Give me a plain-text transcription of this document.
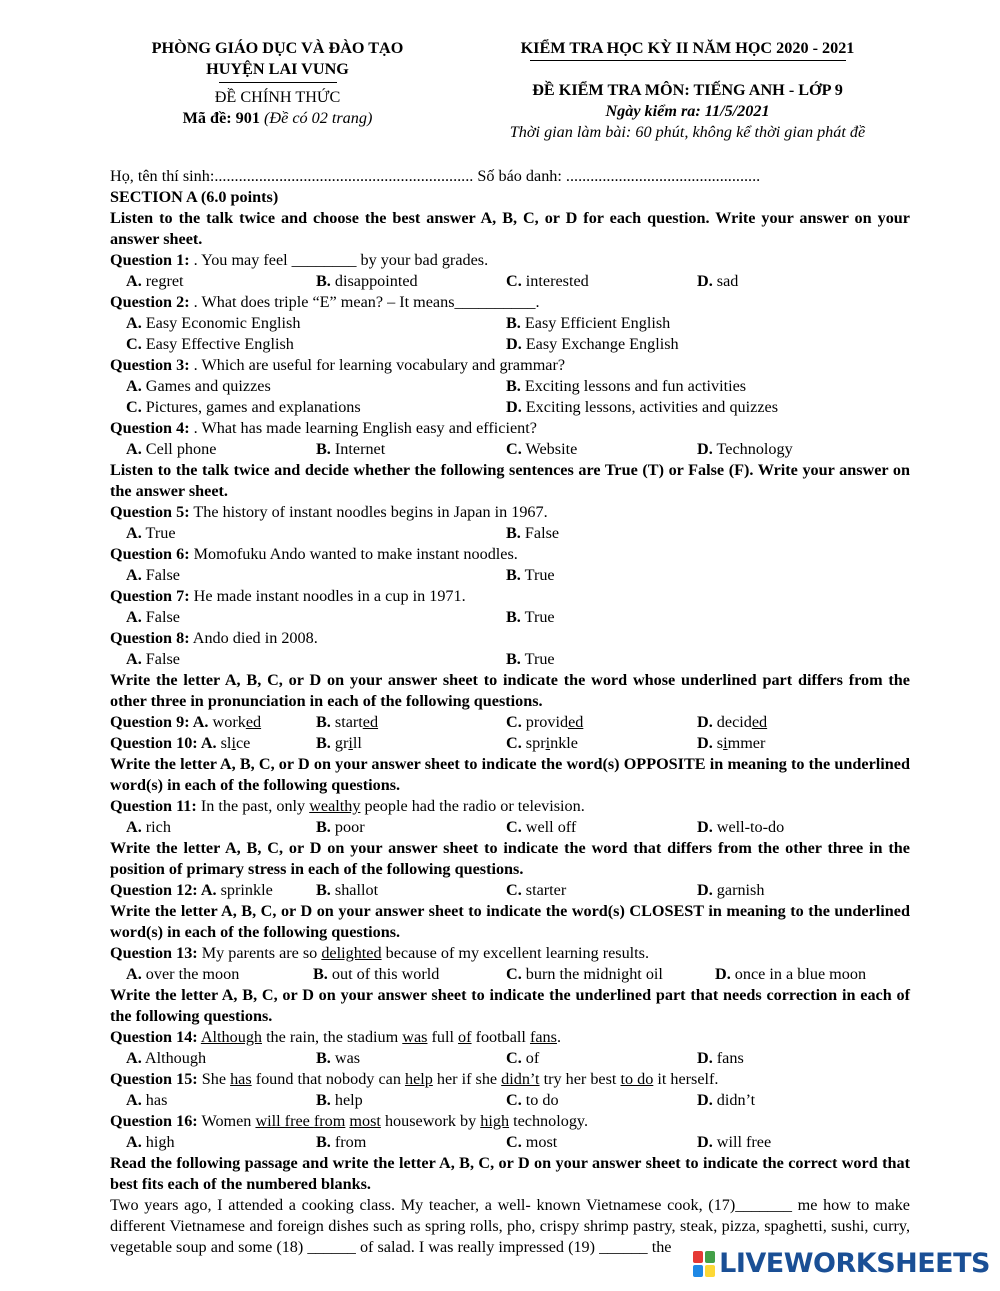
PHÒNG GIÁO DỤC VÀ ĐÀO TẠO
HUYỆN LAI VUNG
ĐỀ CHÍNH THỨC
Mã đề: 901 (Đề có 02 trang)
KIỂM TRA HỌC KỲ II NĂM HỌC 2020 - 2021
ĐỀ KIỂM TRA MÔN: TIẾNG ANH - LỚP 9
Ngày kiểm ra: 11/5/2021
Thời gian làm bài: 60 phút, không kể thời gian phát đề
Họ, tên thí sinh:................................................................ Số báo danh: ................................................
SECTION A (6.0 points)
Listen to the talk twice and choose the best answer A, B, C, or D for each question. Write your answer on your answer sheet.
Question 1: . You may feel ________ by your bad grades.
A. regret	B. disappointed	C. interested	D. sad
Question 2: . What does triple “E” mean? – It means__________.
A. Easy Economic English	B. Easy Efficient English
C. Easy Effective English	D. Easy Exchange English
Question 3: . Which are useful for learning vocabulary and grammar?
A. Games and quizzes	B. Exciting lessons and fun activities
C. Pictures, games and explanations	D. Exciting lessons, activities and quizzes
Question 4: . What has made learning English easy and efficient?
A. Cell phone	B. Internet	C. Website	D. Technology
Listen to the talk twice and decide whether the following sentences are True (T) or False (F). Write your answer on the answer sheet.
Question 5: The history of instant noodles begins in Japan in 1967.
A. True	B. False
Question 6: Momofuku Ando wanted to make instant noodles.
A. False	B. True
Question 7: He made instant noodles in a cup in 1971.
A. False	B. True
Question 8: Ando died in 2008.
A. False	B. True
Write the letter A, B, C, or D on your answer sheet to indicate the word whose underlined part differs from the other three in pronunciation in each of the following questions.
Question 9: A. worked	B. started	C. provided	D. decided
Question 10: A. slice	B. grill	C. sprinkle	D. simmer
Write the letter A, B, C, or D on your answer sheet to indicate the word(s) OPPOSITE in meaning to the underlined word(s) in each of the following questions.
Question 11: In the past, only wealthy people had the radio or television.
A. rich	B. poor	C. well off	D. well-to-do
Write the letter A, B, C, or D on your answer sheet to indicate the word that differs from the other three in the position of primary stress in each of the following questions.
Question 12: A. sprinkle	B. shallot	C. starter	D. garnish
Write the letter A, B, C, or D on your answer sheet to indicate the word(s) CLOSEST in meaning to the underlined word(s) in each of the following questions.
Question 13: My parents are so delighted because of my excellent learning results.
A. over the moon	B. out of this world	C. burn the midnight oil	D. once in a blue moon
Write the letter A, B, C, or D on your answer sheet to indicate the underlined part that needs correction in each of the following questions.
Question 14: Although the rain, the stadium was full of football fans.
A. Although	B. was	C. of	D. fans
Question 15: She has found that nobody can help her if she didn’t try her best to do it herself.
A. has	B. help	C. to do	D. didn’t
Question 16: Women will free from most housework by high technology.
A. high	B. from	C. most	D. will free
Read the following passage and write the letter A, B, C, or D on your answer sheet to indicate the correct word that best fits each of the numbered blanks.
Two years ago, I attended a cooking class. My teacher, a well- known Vietnamese cook, (17)_______ me how to make different Vietnamese and foreign dishes such as spring rolls, pho, crispy shrimp pastry, steak, pizza, spaghetti, sushi, curry, vegetable soup and some (18) ______ of salad. I was really impressed (19) ______ the
LIVEWORKSHEETS
